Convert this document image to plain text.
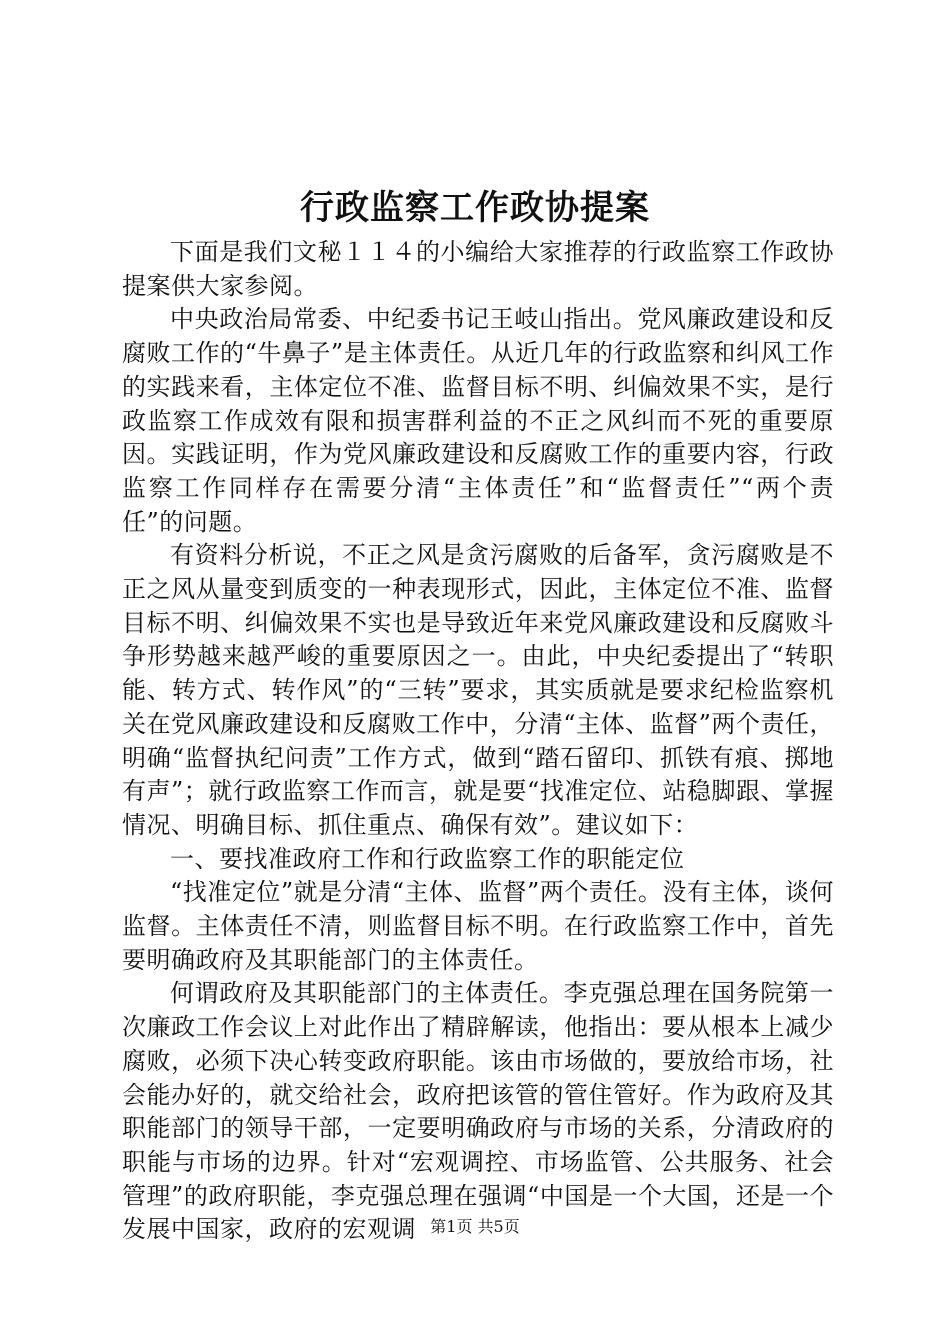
行政监察工作政协提案

下面是我们文秘１１４的小编给大家推荐的行政监察工作政协提案供大家参阅。

中央政治局常委、中纪委书记王岐山指出。党风廉政建设和反腐败工作的“牛鼻子”是主体责任。从近几年的行政监察和纠风工作的实践来看，主体定位不准、监督目标不明、纠偏效果不实，是行政监察工作成效有限和损害群利益的不正之风纠而不死的重要原因。实践证明，作为党风廉政建设和反腐败工作的重要内容，行政监察工作同样存在需要分清“主体责任”和“监督责任”“两个责任”的问题。

有资料分析说，不正之风是贪污腐败的后备军，贪污腐败是不正之风从量变到质变的一种表现形式，因此，主体定位不准、监督目标不明、纠偏效果不实也是导致近年来党风廉政建设和反腐败斗争形势越来越严峻的重要原因之一。由此，中央纪委提出了“转职能、转方式、转作风”的“三转”要求，其实质就是要求纪检监察机关在党风廉政建设和反腐败工作中，分清“主体、监督”两个责任，明确“监督执纪问责”工作方式，做到“踏石留印、抓铁有痕、掷地有声”；就行政监察工作而言，就是要“找准定位、站稳脚跟、掌握情况、明确目标、抓住重点、确保有效”。建议如下：

一、要找准政府工作和行政监察工作的职能定位

“找准定位”就是分清“主体、监督”两个责任。没有主体，谈何监督。主体责任不清，则监督目标不明。在行政监察工作中，首先要明确政府及其职能部门的主体责任。

何谓政府及其职能部门的主体责任。李克强总理在国务院第一次廉政工作会议上对此作出了精辟解读，他指出：要从根本上减少腐败，必须下决心转变政府职能。该由市场做的，要放给市场，社会能办好的，就交给社会，政府把该管的管住管好。作为政府及其职能部门的领导干部，一定要明确政府与市场的关系，分清政府的职能与市场的边界。针对“宏观调控、市场监管、公共服务、社会管理”的政府职能，李克强总理在强调“中国是一个大国，还是一个发展中国家，政府的宏观调 第1页 共5页
